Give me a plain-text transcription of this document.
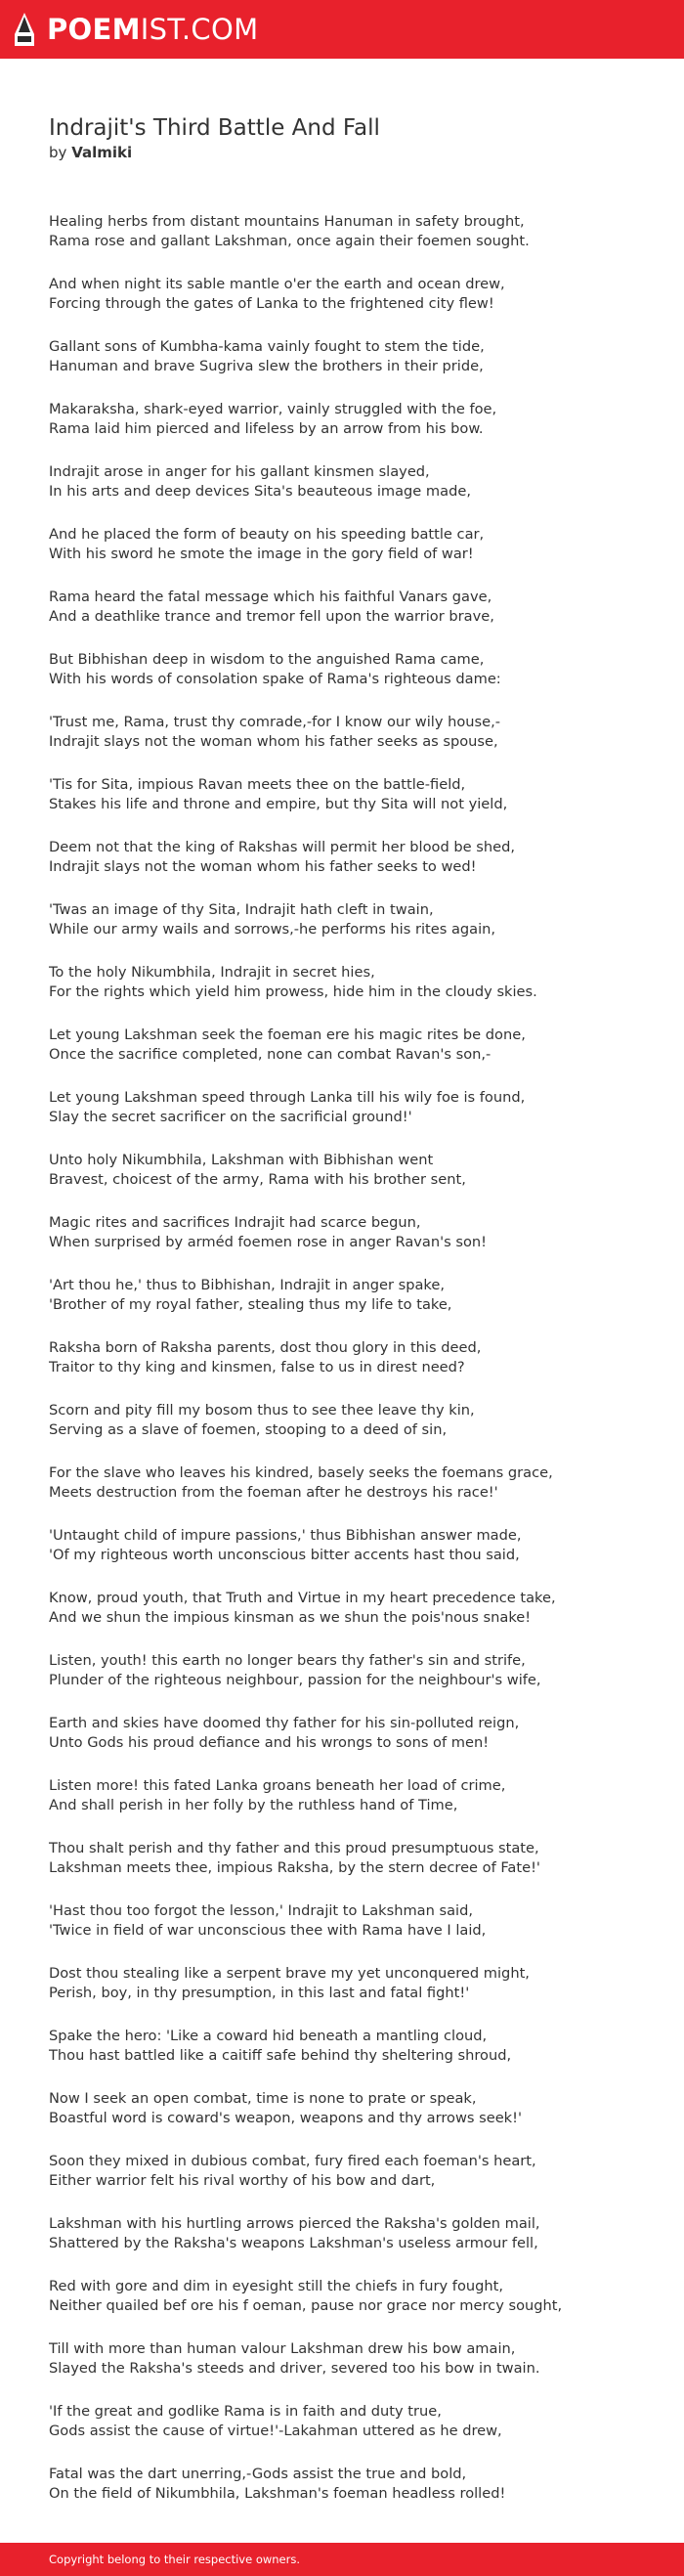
POEMIST.COM
Indrajit's Third Battle And Fall
by Valmiki
Healing herbs from distant mountains Hanuman in safety brought,
Rama rose and gallant Lakshman, once again their foemen sought.
And when night its sable mantle o'er the earth and ocean drew,
Forcing through the gates of Lanka to the frightened city flew!
Gallant sons of Kumbha-kama vainly fought to stem the tide,
Hanuman and brave Sugriva slew the brothers in their pride,
Makaraksha, shark-eyed warrior, vainly struggled with the foe,
Rama laid him pierced and lifeless by an arrow from his bow.
Indrajit arose in anger for his gallant kinsmen slayed,
In his arts and deep devices Sita's beauteous image made,
And he placed the form of beauty on his speeding battle car,
With his sword he smote the image in the gory field of war!
Rama heard the fatal message which his faithful Vanars gave,
And a deathlike trance and tremor fell upon the warrior brave,
But Bibhishan deep in wisdom to the anguished Rama came,
With his words of consolation spake of Rama's righteous dame:
'Trust me, Rama, trust thy comrade,-for I know our wily house,-
Indrajit slays not the woman whom his father seeks as spouse,
'Tis for Sita, impious Ravan meets thee on the battle-field,
Stakes his life and throne and empire, but thy Sita will not yield,
Deem not that the king of Rakshas will permit her blood be shed,
Indrajit slays not the woman whom his father seeks to wed!
'Twas an image of thy Sita, Indrajit hath cleft in twain,
While our army wails and sorrows,-he performs his rites again,
To the holy Nikumbhila, Indrajit in secret hies,
For the rights which yield him prowess, hide him in the cloudy skies.
Let young Lakshman seek the foeman ere his magic rites be done,
Once the sacrifice completed, none can combat Ravan's son,-
Let young Lakshman speed through Lanka till his wily foe is found,
Slay the secret sacrificer on the sacrificial ground!'
Unto holy Nikumbhila, Lakshman with Bibhishan went
Bravest, choicest of the army, Rama with his brother sent,
Magic rites and sacrifices Indrajit had scarce begun,
When surprised by arméd foemen rose in anger Ravan's son!
'Art thou he,' thus to Bibhishan, Indrajit in anger spake,
'Brother of my royal father, stealing thus my life to take,
Raksha born of Raksha parents, dost thou glory in this deed,
Traitor to thy king and kinsmen, false to us in direst need?
Scorn and pity fill my bosom thus to see thee leave thy kin,
Serving as a slave of foemen, stooping to a deed of sin,
For the slave who leaves his kindred, basely seeks the foemans grace,
Meets destruction from the foeman after he destroys his race!'
'Untaught child of impure passions,' thus Bibhishan answer made,
'Of my righteous worth unconscious bitter accents hast thou said,
Know, proud youth, that Truth and Virtue in my heart precedence take,
And we shun the impious kinsman as we shun the pois'nous snake!
Listen, youth! this earth no longer bears thy father's sin and strife,
Plunder of the righteous neighbour, passion for the neighbour's wife,
Earth and skies have doomed thy father for his sin-polluted reign,
Unto Gods his proud defiance and his wrongs to sons of men!
Listen more! this fated Lanka groans beneath her load of crime,
And shall perish in her folly by the ruthless hand of Time,
Thou shalt perish and thy father and this proud presumptuous state,
Lakshman meets thee, impious Raksha, by the stern decree of Fate!'
'Hast thou too forgot the lesson,' Indrajit to Lakshman said,
'Twice in field of war unconscious thee with Rama have I laid,
Dost thou stealing like a serpent brave my yet unconquered might,
Perish, boy, in thy presumption, in this last and fatal fight!'
Spake the hero: 'Like a coward hid beneath a mantling cloud,
Thou hast battled like a caitiff safe behind thy sheltering shroud,
Now I seek an open combat, time is none to prate or speak,
Boastful word is coward's weapon, weapons and thy arrows seek!'
Soon they mixed in dubious combat, fury fired each foeman's heart,
Either warrior felt his rival worthy of his bow and dart,
Lakshman with his hurtling arrows pierced the Raksha's golden mail,
Shattered by the Raksha's weapons Lakshman's useless armour fell,
Red with gore and dim in eyesight still the chiefs in fury fought,
Neither quailed bef ore his f oeman, pause nor grace nor mercy sought,
Till with more than human valour Lakshman drew his bow amain,
Slayed the Raksha's steeds and driver, severed too his bow in twain.
'If the great and godlike Rama is in faith and duty true,
Gods assist the cause of virtue!'-Lakahman uttered as he drew,
Fatal was the dart unerring,-Gods assist the true and bold,
On the field of Nikumbhila, Lakshman's foeman headless rolled!
Copyright belong to their respective owners.
